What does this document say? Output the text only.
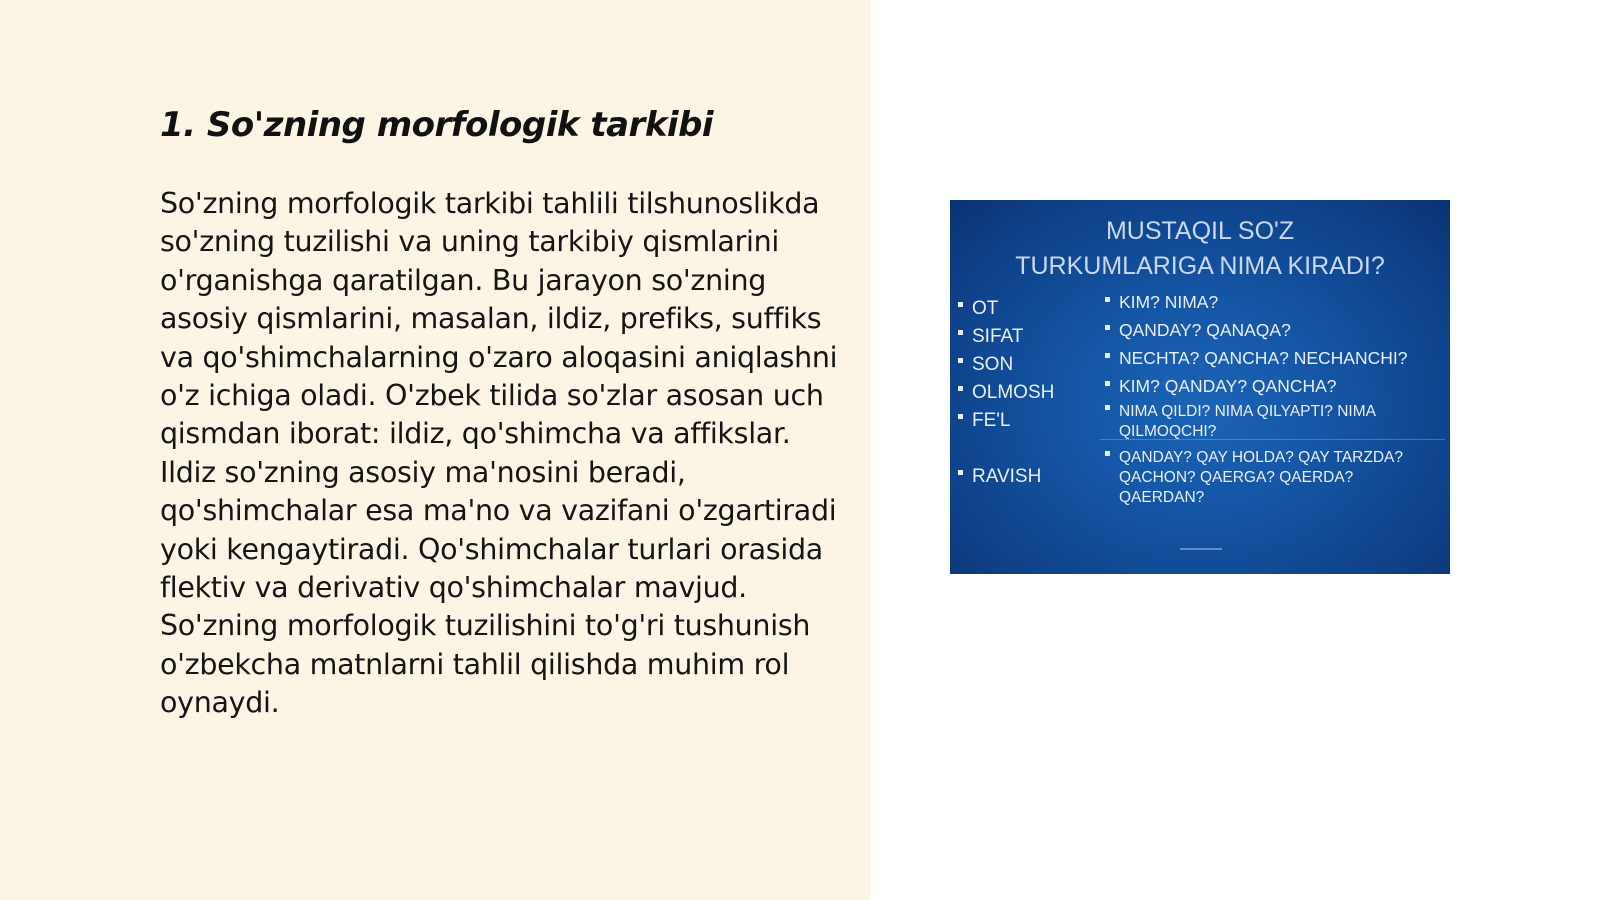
1. So'zning morfologik tarkibi

So'zning morfologik tarkibi tahlili tilshunoslikda so'zning tuzilishi va uning tarkibiy qismlarini o'rganishga qaratilgan. Bu jarayon so'zning asosiy qismlarini, masalan, ildiz, prefiks, suffiks va qo'shimchalarning o'zaro aloqasini aniqlashni o'z ichiga oladi. O'zbek tilida so'zlar asosan uch qismdan iborat: ildiz, qo'shimcha va affikslar. Ildiz so'zning asosiy ma'nosini beradi, qo'shimchalar esa ma'no va vazifani o'zgartiradi yoki kengaytiradi. Qo'shimchalar turlari orasida flektiv va derivativ qo'shimchalar mavjud. So'zning morfologik tuzilishini to'g'ri tushunish o'zbekcha matnlarni tahlil qilishda muhim rol oynaydi.

MUSTAQIL SO'Z
TURKUMLARIGA NIMA KIRADI?
OT
SIFAT
SON
OLMOSH
FE'L
RAVISH
KIM? NIMA?
QANDAY? QANAQA?
NECHTA? QANCHA? NECHANCHI?
KIM? QANDAY? QANCHA?
NIMA QILDI? NIMA QILYAPTI? NIMA
QILMOQCHI?
QANDAY? QAY HOLDA? QAY TARZDA?
QACHON? QAERGA? QAERDA?
QAERDAN?
